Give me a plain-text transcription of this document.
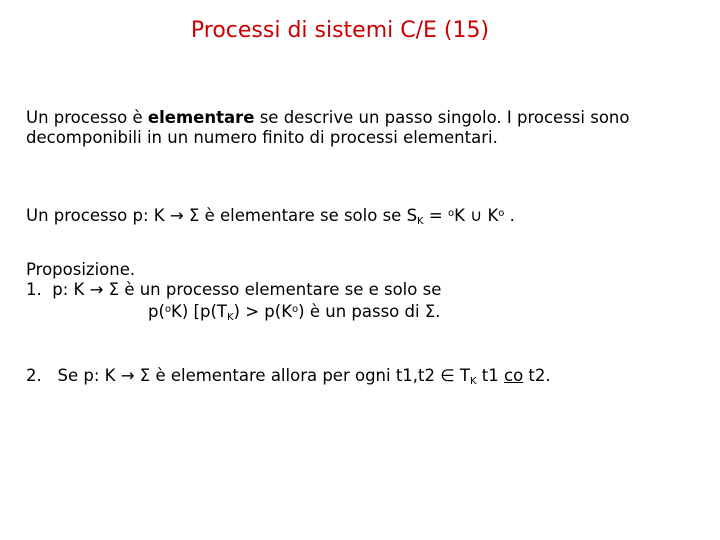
Processi di sistemi C/E (15)
Un processo è elementare se descrive un passo singolo. I processi sono
decomponibili in un numero finito di processi elementari.
Un processo p: K → Σ è elementare se solo se $S_K = ^oK$ ∪ $K^o$ .
Proposizione.
1. p: K → Σ è un processo elementare se e solo se
p($^o$K) [$p(T_K) > p(K^o)$ è un passo di Σ.
2. Se p: K → Σ è elementare allora per ogni t1,t2 ∈ $T_K$ t1 co t2.
